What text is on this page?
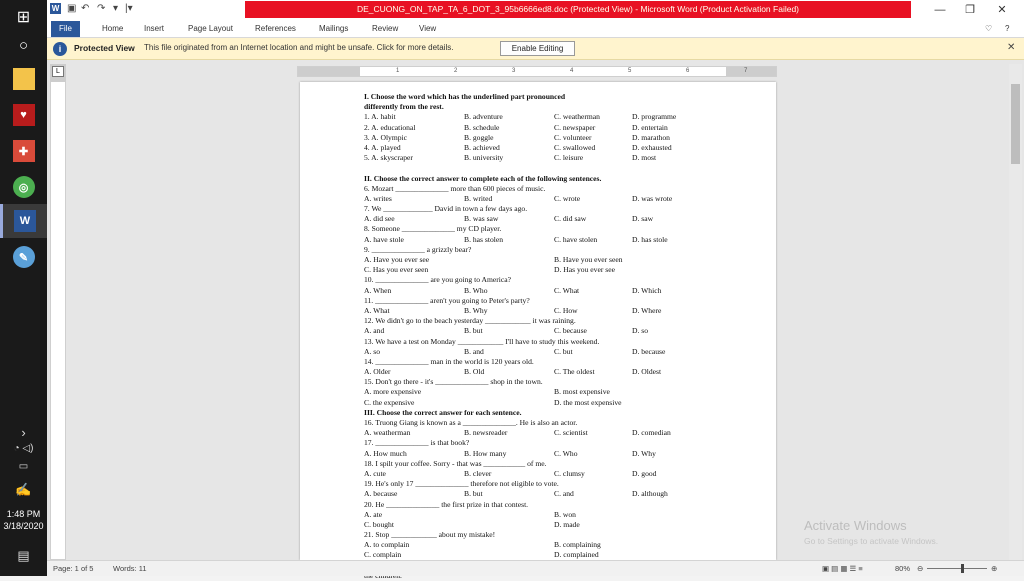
⊞
○
♥
✚
◎
W
✎
›
◔ ◁)
▭
✍
1:48 PM
3/18/2020
▤
W ▣ ↶ ↷ ▾ |▾	DE_CUONG_ON_TAP_TA_6_DOT_3_95b6666ed8.doc (Protected View) - Microsoft Word (Product Activation Failed)	—	❐	✕
File	Home	Insert	Page Layout	References	Mailings	Review	View	♡ ?
i	Protected View This file originated from an Internet location and might be unsafe. Click for more details.	Enable Editing	✕
L	1	2	3	4	5	6	7
I. Choose the word which has the underlined part pronounced
differently from the rest.
1. A. habit	B. adventure	C. weatherman	D. programme
2. A. educational	B. schedule	C. newspaper	D. entertain
3. A. Olympic	B. goggle	C. volunteer	D. marathon
4. A. played	B. achieved	C. swallowed	D. exhausted
5. A. skyscraper	B. university	C. leisure	D. most
II. Choose the correct answer to complete each of the following sentences.
6. Mozart ______________ more than 600 pieces of music.
A. writes	B. writed	C. wrote	D. was wrote
7. We _____________ David in town a few days ago.
A. did see	B. was saw	C. did saw	D. saw
8. Someone ______________ my CD player.
A. have stole	B. has stolen	C. have stolen	D. has stole
9. ______________ a grizzly bear?
A. Have you ever see	B. Have you ever seen
C. Has you ever seen	D. Has you ever see
10. ______________ are you going to America?
A. When	B. Who	C. What	D. Which
11. ______________ aren't you going to Peter's party?
A. What	B. Why	C. How	D. Where
12. We didn't go to the beach yesterday ____________ it was raining.
A. and	B. but	C. because	D. so
13. We have a test on Monday ____________ I'll have to study this weekend.
A. so	B. and	C. but	D. because
14. ______________ man in the world is 120 years old.
A. Older	B. Old	C. The oldest	D. Oldest
15. Don't go there - it's ______________ shop in the town.
A. more expensive	B. most expensive
C. the expensive	D. the most expensive
III. Choose the correct answer for each sentence.
16. Truong Giang is known as a ______________. He is also an actor.
A. weatherman	B. newsreader	C. scientist	D. comedian
17. ______________ is that book?
A. How much	B. How many	C. Who	D. Why
18. I spilt your coffee. Sorry - that was ___________ of me.
A. cute	B. clever	C. clumsy	D. good
19. He's only 17 ______________ therefore not eligible to vote.
A. because	B. but	C. and	D. although
20. He ______________ the first prize in that contest.
A. ate	B. won
C. bought	D. made
21. Stop ____________ about my mistake!
A. to complain	B. complaining
C. complain	D. complained
Activate Windows
Go to Settings to activate Windows.
Page: 1 of 5	Words: 11	▣ ▤ ▦ ☰ ≡	80% ⊖	⊕
